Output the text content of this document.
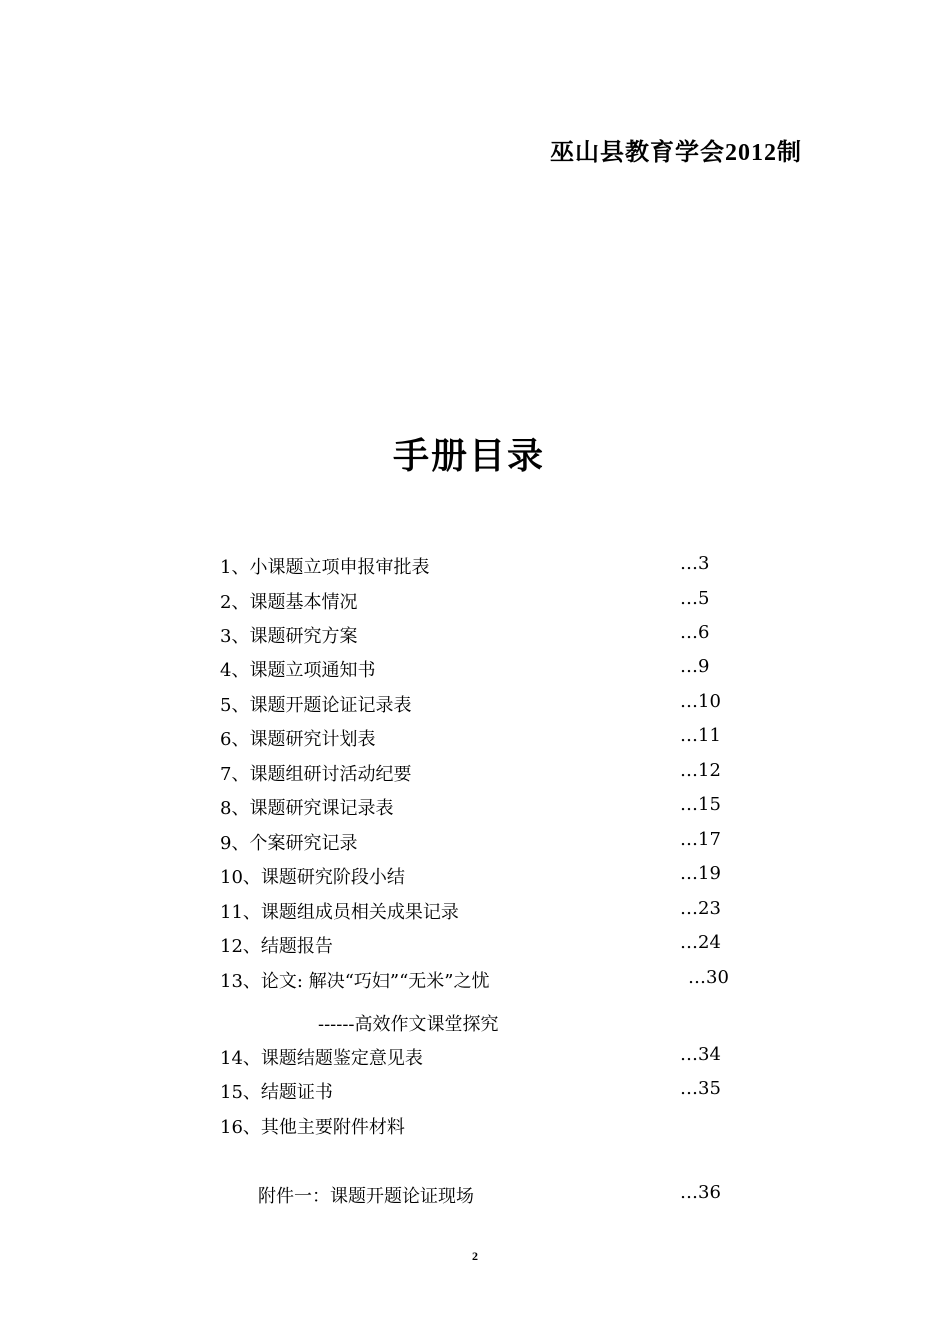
巫山县教育学会2012制
手册目录
1、小课题立项申报审批表	…3
2、课题基本情况	…5
3、课题研究方案	…6
4、课题立项通知书	…9
5、课题开题论证记录表	…10
6、课题研究计划表	…11
7、课题组研讨活动纪要	…12
8、课题研究课记录表	…15
9、个案研究记录	…17
10、课题研究阶段小结	…19
11、课题组成员相关成果记录	…23
12、结题报告	…24
13、论文: 解决“巧妇”“无米”之忧	…30
------高效作文课堂探究
14、课题结题鉴定意见表	…34
15、结题证书	…35
16、其他主要附件材料
附件一：课题开题论证现场	…36
2
